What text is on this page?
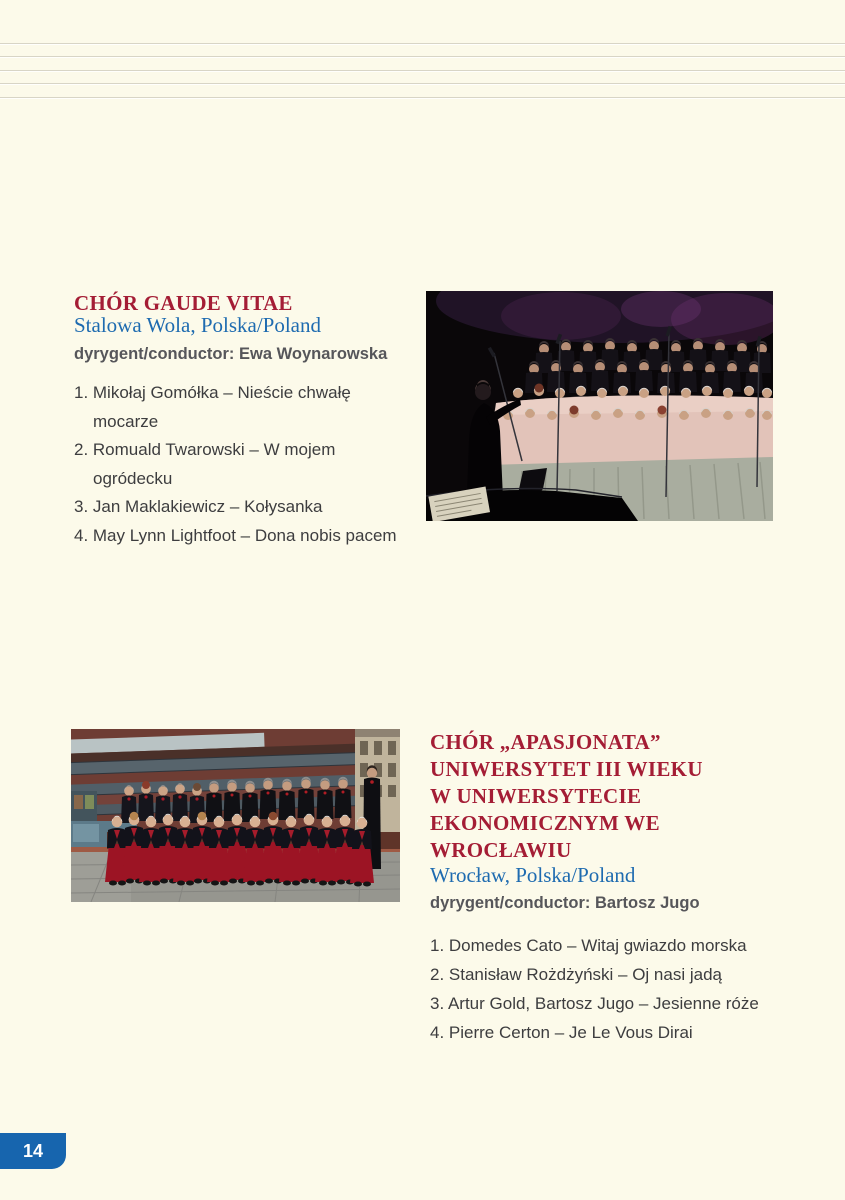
CHÓR GAUDE VITAE
Stalowa Wola, Polska/Poland
dyrygent/conductor: Ewa Woynarowska
1. Mikołaj Gomółka – Nieście chwałę
mocarze
2. Romuald Twarowski – W mojem
ogródecku
3. Jan Maklakiewicz – Kołysanka
4. May Lynn Lightfoot – Dona nobis pacem
CHÓR „APASJONATA”
UNIWERSYTET III WIEKU
W UNIWERSYTECIE
EKONOMICZNYM WE
WROCŁAWIU
Wrocław, Polska/Poland
dyrygent/conductor: Bartosz Jugo
1. Domedes Cato – Witaj gwiazdo morska
2. Stanisław Rożdżyński – Oj nasi jadą
3. Artur Gold, Bartosz Jugo – Jesienne róże
4. Pierre Certon – Je Le Vous Dirai
14
